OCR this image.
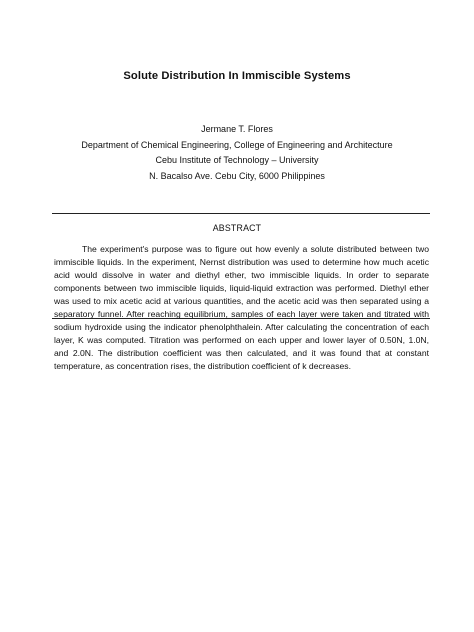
Solute Distribution In Immiscible Systems
Jermane T. Flores
Department of Chemical Engineering, College of Engineering and Architecture
Cebu Institute of Technology – University
N. Bacalso Ave. Cebu City, 6000 Philippines
ABSTRACT

The experiment's purpose was to figure out how evenly a solute distributed between two immiscible liquids. In the experiment, Nernst distribution was used to determine how much acetic acid would dissolve in water and diethyl ether, two immiscible liquids. In order to separate components between two immiscible liquids, liquid-liquid extraction was performed. Diethyl ether was used to mix acetic acid at various quantities, and the acetic acid was then separated using a separatory funnel. After reaching equilibrium, samples of each layer were taken and titrated with sodium hydroxide using the indicator phenolphthalein. After calculating the concentration of each layer, K was computed. Titration was performed on each upper and lower layer of 0.50N, 1.0N, and 2.0N. The distribution coefficient was then calculated, and it was found that at constant temperature, as concentration rises, the distribution coefficient of k decreases.
